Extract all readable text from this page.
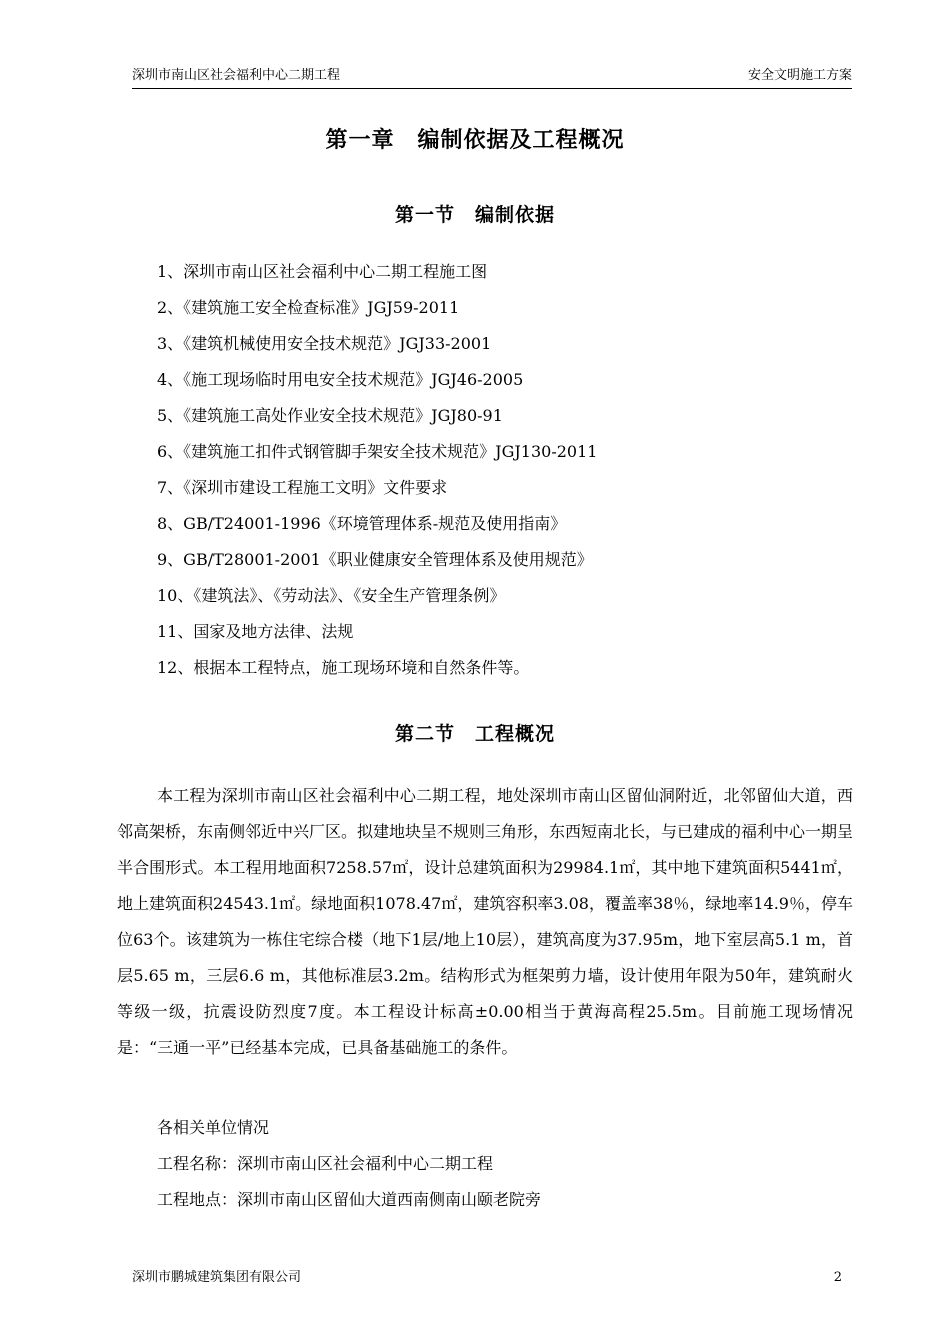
深圳市南山区社会福利中心二期工程	安全文明施工方案
第一章　编制依据及工程概况
第一节　编制依据
1、深圳市南山区社会福利中心二期工程施工图
2、《建筑施工安全检查标准》JGJ59-2011
3、《建筑机械使用安全技术规范》JGJ33-2001
4、《施工现场临时用电安全技术规范》JGJ46-2005
5、《建筑施工高处作业安全技术规范》JGJ80-91
6、《建筑施工扣件式钢管脚手架安全技术规范》JGJ130-2011
7、《深圳市建设工程施工文明》文件要求
8、GB/T24001-1996《环境管理体系-规范及使用指南》
9、GB/T28001-2001《职业健康安全管理体系及使用规范》
10、《建筑法》、《劳动法》、《安全生产管理条例》
11、国家及地方法律、法规
12、根据本工程特点，施工现场环境和自然条件等。
第二节　工程概况

本工程为深圳市南山区社会福利中心二期工程，地处深圳市南山区留仙洞附近，北邻留仙大道，西邻高架桥，东南侧邻近中兴厂区。拟建地块呈不规则三角形，东西短南北长，与已建成的福利中心一期呈半合围形式。本工程用地面积7258.57㎡，设计总建筑面积为29984.1㎡，其中地下建筑面积5441㎡，地上建筑面积24543.1㎡。绿地面积1078.47㎡，建筑容积率3.08，覆盖率38％，绿地率14.9％，停车位63个。该建筑为一栋住宅综合楼（地下1层/地上10层），建筑高度为37.95m，地下室层高5.1 m，首层5.65 m，三层6.6 m，其他标准层3.2m。结构形式为框架剪力墙，设计使用年限为50年，建筑耐火等级一级，抗震设防烈度7度。本工程设计标高±0.00相当于黄海高程25.5m。目前施工现场情况是：“三通一平”已经基本完成，已具备基础施工的条件。

各相关单位情况
工程名称：深圳市南山区社会福利中心二期工程
工程地点：深圳市南山区留仙大道西南侧南山颐老院旁
深圳市鹏城建筑集团有限公司	2
